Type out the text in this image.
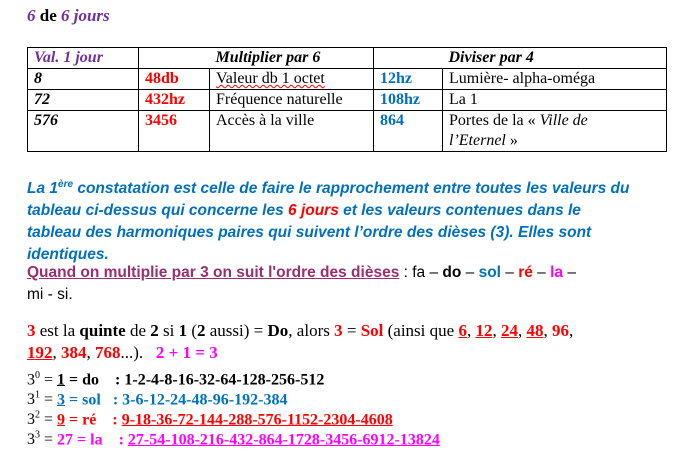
6 de 6 jours
Val. 1 jour		Multiplier par 6		Diviser par 4
8	48db	Valeur db 1 octet	12hz	Lumière- alpha-oméga
72	432hz	Fréquence naturelle	108hz	La 1
576	3456	Accès à la ville	864	Portes de la « Ville de
l’Eternel »
La 1ère constatation est celle de faire le rapprochement entre toutes les valeurs du tableau ci-dessus qui concerne les 6 jours et les valeurs contenues dans le tableau des harmoniques paires qui suivent l’ordre des dièses (3). Elles sont identiques.
Quand on multiplie par 3 on suit l'ordre des dièses : fa – do – sol – ré – la –
mi - si.
3 est la quinte de 2 si 1 (2 aussi) = Do, alors 3 = Sol (ainsi que 6, 12, 24, 48, 96,
192, 384, 768...). 2 + 1 = 3
$3^0 = 1$ = do : 1-2-4-8-16-32-64-128-256-512
$3^1 = 3$ = sol : 3-6-12-24-48-96-192-384
$3^2 = 9$ = ré : 9-18-36-72-144-288-576-1152-2304-4608
$3^3 = 27$ = la : 27-54-108-216-432-864-1728-3456-6912-13824
